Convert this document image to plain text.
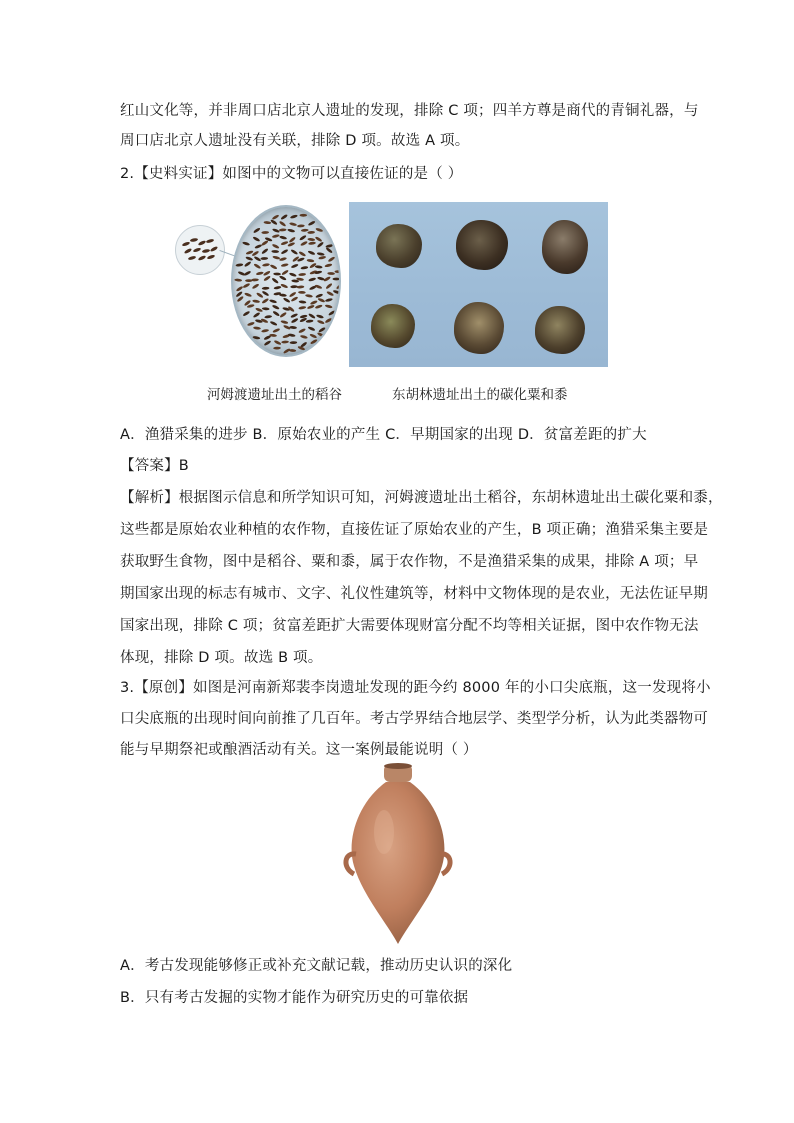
红山文化等，并非周口店北京人遗址的发现，排除 C 项；四羊方尊是商代的青铜礼器，与
周口店北京人遗址没有关联，排除 D 项。故选 A 项。
2.【史料实证】如图中的文物可以直接佐证的是（ ）
河姆渡遗址出土的稻谷	东胡林遗址出土的碳化粟和黍
A．渔猎采集的进步 B．原始农业的产生 C．早期国家的出现 D．贫富差距的扩大
【答案】B
【解析】根据图示信息和所学知识可知，河姆渡遗址出土稻谷，东胡林遗址出土碳化粟和黍，
这些都是原始农业种植的农作物，直接佐证了原始农业的产生，B 项正确；渔猎采集主要是
获取野生食物，图中是稻谷、粟和黍，属于农作物，不是渔猎采集的成果，排除 A 项；早
期国家出现的标志有城市、文字、礼仪性建筑等，材料中文物体现的是农业，无法佐证早期
国家出现，排除 C 项；贫富差距扩大需要体现财富分配不均等相关证据，图中农作物无法
体现，排除 D 项。故选 B 项。
3.【原创】如图是河南新郑裴李岗遗址发现的距今约 8000 年的小口尖底瓶，这一发现将小
口尖底瓶的出现时间向前推了几百年。考古学界结合地层学、类型学分析，认为此类器物可
能与早期祭祀或酿酒活动有关。这一案例最能说明（ ）
A．考古发现能够修正或补充文献记载，推动历史认识的深化
B．只有考古发掘的实物才能作为研究历史的可靠依据
